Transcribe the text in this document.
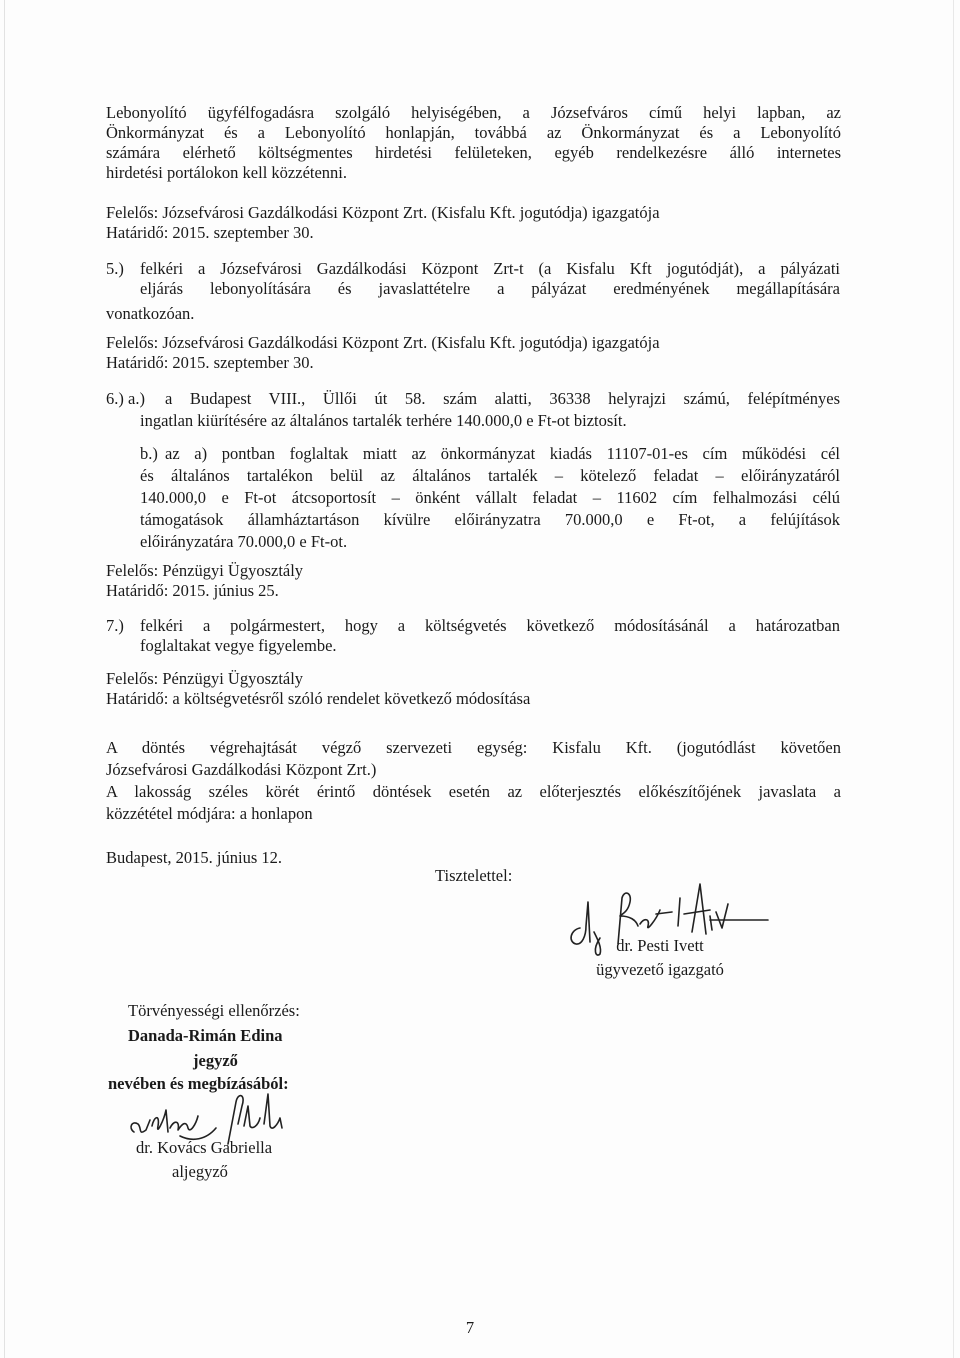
Lebonyolító ügyfélfogadásra szolgáló helyiségében, a Józsefváros című helyi lapban, az
Önkormányzat és a Lebonyolító honlapján, továbbá az Önkormányzat és a Lebonyolító
számára elérhető költségmentes hirdetési felületeken, egyéb rendelkezésre álló internetes
hirdetési portálokon kell közzétenni.
Felelős: Józsefvárosi Gazdálkodási Központ Zrt. (Kisfalu Kft. jogutódja) igazgatója
Határidő: 2015. szeptember 30.
5.) felkéri a Józsefvárosi Gazdálkodási Központ Zrt-t (a Kisfalu Kft jogutódját), a pályázati
eljárás lebonyolítására és javaslattételre a pályázat eredményének megállapítására
vonatkozóan.
Felelős: Józsefvárosi Gazdálkodási Központ Zrt. (Kisfalu Kft. jogutódja) igazgatója
Határidő: 2015. szeptember 30.
6.) a.) a Budapest VIII., Üllői út 58. szám alatti, 36338 helyrajzi számú, felépítményes
ingatlan kiürítésére az általános tartalék terhére 140.000,0 e Ft-ot biztosít.
b.) az a) pontban foglaltak miatt az önkormányzat kiadás 11107-01-es cím működési cél
és általános tartalékon belül az általános tartalék – kötelező feladat – előirányzatáról
140.000,0 e Ft-ot átcsoportosít – önként vállalt feladat – 11602 cím felhalmozási célú
támogatások államháztartáson kívülre előirányzatra 70.000,0 e Ft-ot, a felújítások
előirányzatára 70.000,0 e Ft-ot.
Felelős: Pénzügyi Ügyosztály
Határidő: 2015. június 25.
7.) felkéri a polgármestert, hogy a költségvetés következő módosításánál a határozatban
foglaltakat vegye figyelembe.
Felelős: Pénzügyi Ügyosztály
Határidő: a költségvetésről szóló rendelet következő módosítása
A döntés végrehajtását végző szervezeti egység: Kisfalu Kft. (jogutódlást követően
Józsefvárosi Gazdálkodási Központ Zrt.)
A lakosság széles körét érintő döntések esetén az előterjesztés előkészítőjének javaslata a
közzététel módjára: a honlapon
Budapest, 2015. június 12.
Tisztelettel:
dr. Pesti Ivett
ügyvezető igazgató
Törvényességi ellenőrzés:
Danada-Rimán Edina
jegyző
nevében és megbízásából:
dr. Kovács Gabriella
aljegyző
7
